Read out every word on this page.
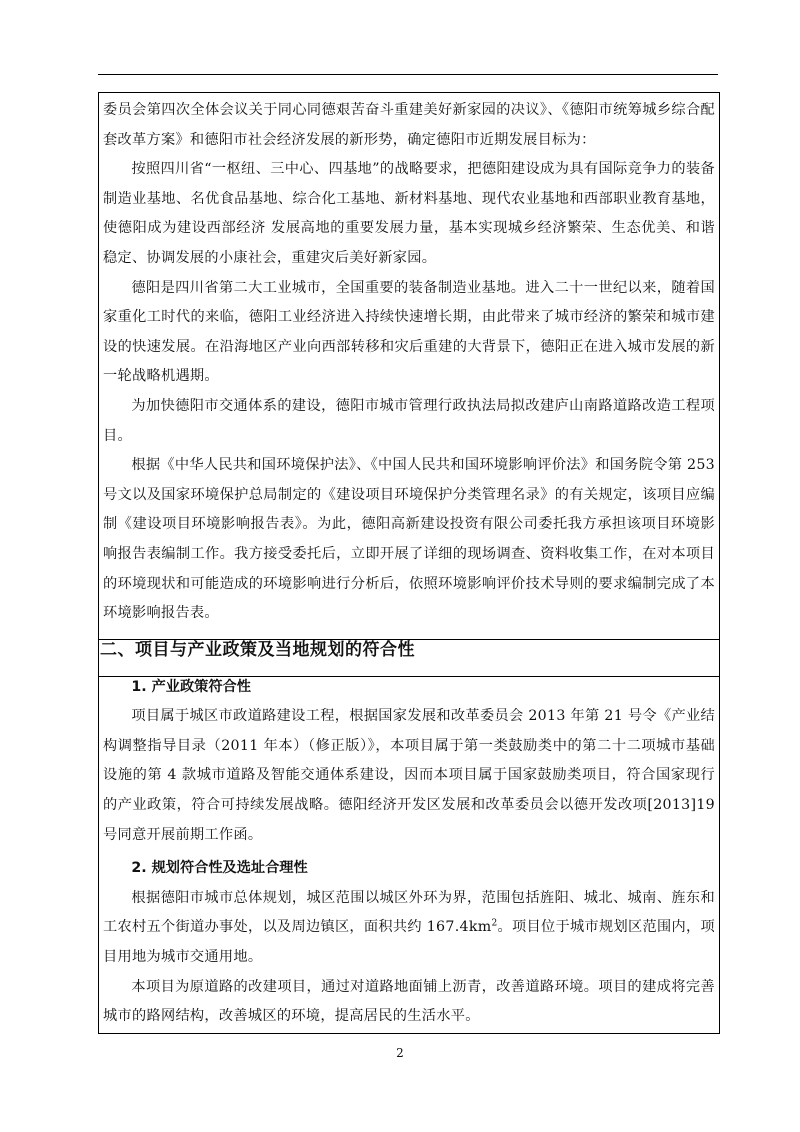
委员会第四次全体会议关于同心同德艰苦奋斗重建美好新家园的决议》、《德阳市统筹城乡综合配套改革方案》和德阳市社会经济发展的新形势，确定德阳市近期发展目标为：

按照四川省“一枢纽、三中心、四基地”的战略要求，把德阳建设成为具有国际竞争力的装备制造业基地、名优食品基地、综合化工基地、新材料基地、现代农业基地和西部职业教育基地，使德阳成为建设西部经济 发展高地的重要发展力量，基本实现城乡经济繁荣、生态优美、和谐稳定、协调发展的小康社会，重建灾后美好新家园。

德阳是四川省第二大工业城市，全国重要的装备制造业基地。进入二十一世纪以来，随着国家重化工时代的来临，德阳工业经济进入持续快速增长期，由此带来了城市经济的繁荣和城市建设的快速发展。在沿海地区产业向西部转移和灾后重建的大背景下，德阳正在进入城市发展的新一轮战略机遇期。

为加快德阳市交通体系的建设，德阳市城市管理行政执法局拟改建庐山南路道路改造工程项目。

根据《中华人民共和国环境保护法》、《中国人民共和国环境影响评价法》和国务院令第 253 号文以及国家环境保护总局制定的《建设项目环境保护分类管理名录》的有关规定，该项目应编制《建设项目环境影响报告表》。为此，德阳高新建设投资有限公司委托我方承担该项目环境影响报告表编制工作。我方接受委托后，立即开展了详细的现场调查、资料收集工作，在对本项目的环境现状和可能造成的环境影响进行分析后，依照环境影响评价技术导则的要求编制完成了本环境影响报告表。

二、项目与产业政策及当地规划的符合性
1. 产业政策符合性

项目属于城区市政道路建设工程，根据国家发展和改革委员会 2013 年第 21 号令《产业结构调整指导目录（2011 年本）（修正版）》，本项目属于第一类鼓励类中的第二十二项城市基础设施的第 4 款城市道路及智能交通体系建设，因而本项目属于国家鼓励类项目，符合国家现行的产业政策，符合可持续发展战略。德阳经济开发区发展和改革委员会以德开发改项[2013]19 号同意开展前期工作函。

2. 规划符合性及选址合理性

根据德阳市城市总体规划，城区范围以城区外环为界，范围包括旌阳、城北、城南、旌东和工农村五个街道办事处，以及周边镇区，面积共约 $167.4km^2$。项目位于城市规划区范围内，项目用地为城市交通用地。

本项目为原道路的改建项目，通过对道路地面铺上沥青，改善道路环境。项目的建成将完善城市的路网结构，改善城区的环境，提高居民的生活水平。

2
